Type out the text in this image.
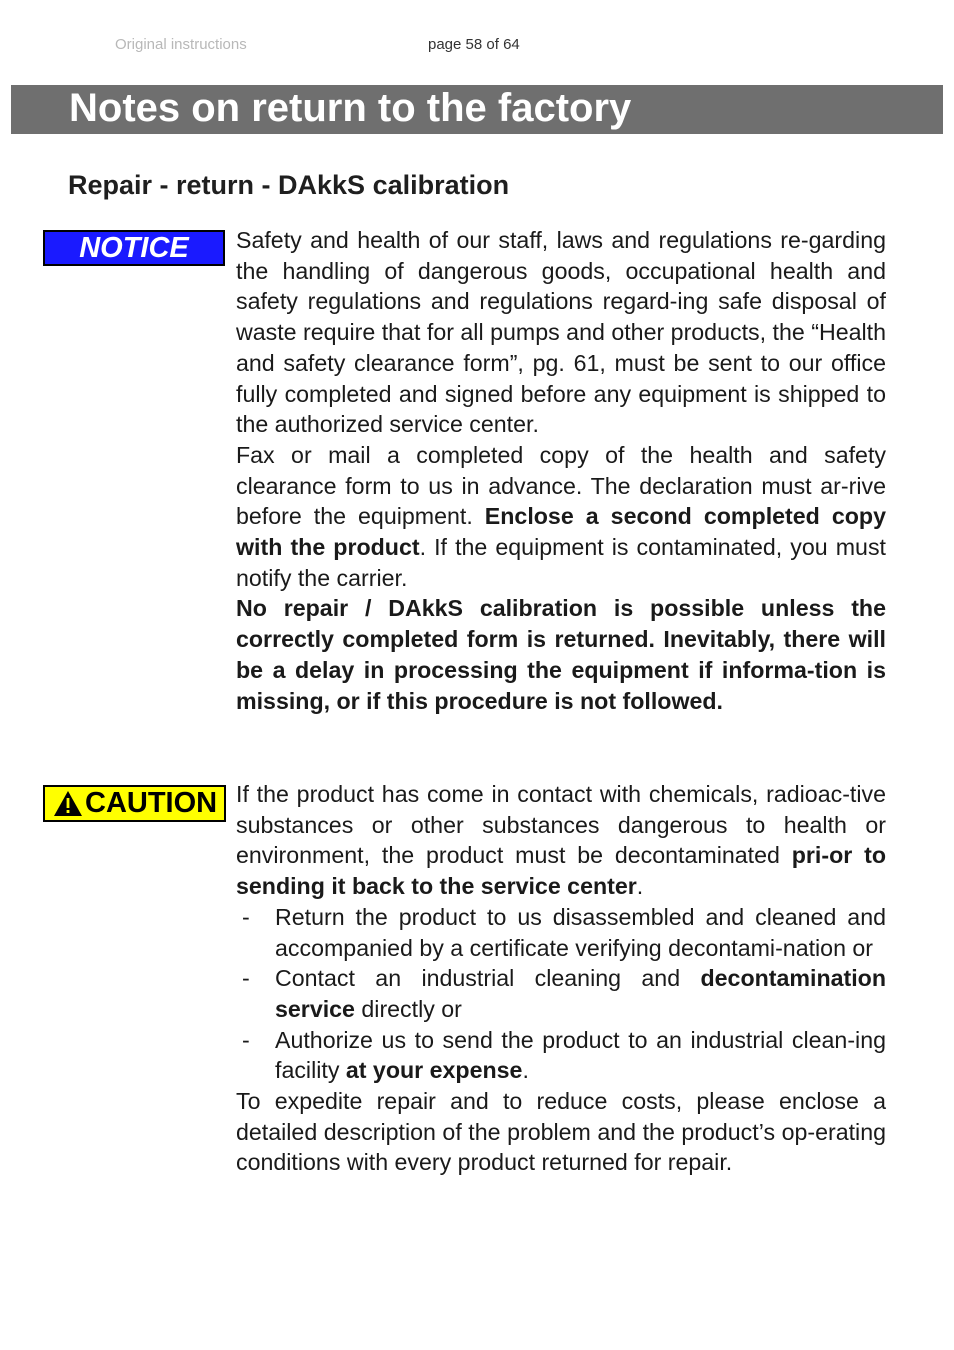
Original instructions	page 58 of 64
Notes on return to the factory
Repair - return - DAkkS calibration
NOTICE	Safety and health of our staff, laws and regulations re-garding the handling of dangerous goods, occupational health and safety regulations and regulations regard-ing safe disposal of waste require that for all pumps and other products, the “Health and safety clearance form”, pg. 61, must be sent to our office fully completed and signed before any equipment is shipped to the authorized service center.

Fax or mail a completed copy of the health and safety clearance form to us in advance. The declaration must ar-rive before the equipment. Enclose a second completed copy with the product. If the equipment is contaminated, you must notify the carrier.

No repair / DAkkS calibration is possible unless the correctly completed form is returned. Inevitably, there will be a delay in processing the equipment if informa-tion is missing, or if this procedure is not followed.

CAUTION If the product has come in contact with chemicals, radioac-tive substances or other substances dangerous to health or environment, the product must be decontaminated pri-or to sending it back to the service center.

-	Return the product to us disassembled and cleaned and accompanied by a certificate verifying decontami-nation or
-	Contact an industrial cleaning and decontamination service directly or
-	Authorize us to send the product to an industrial clean-ing facility at your expense.

To expedite repair and to reduce costs, please enclose a detailed description of the problem and the product’s op-erating conditions with every product returned for repair.
